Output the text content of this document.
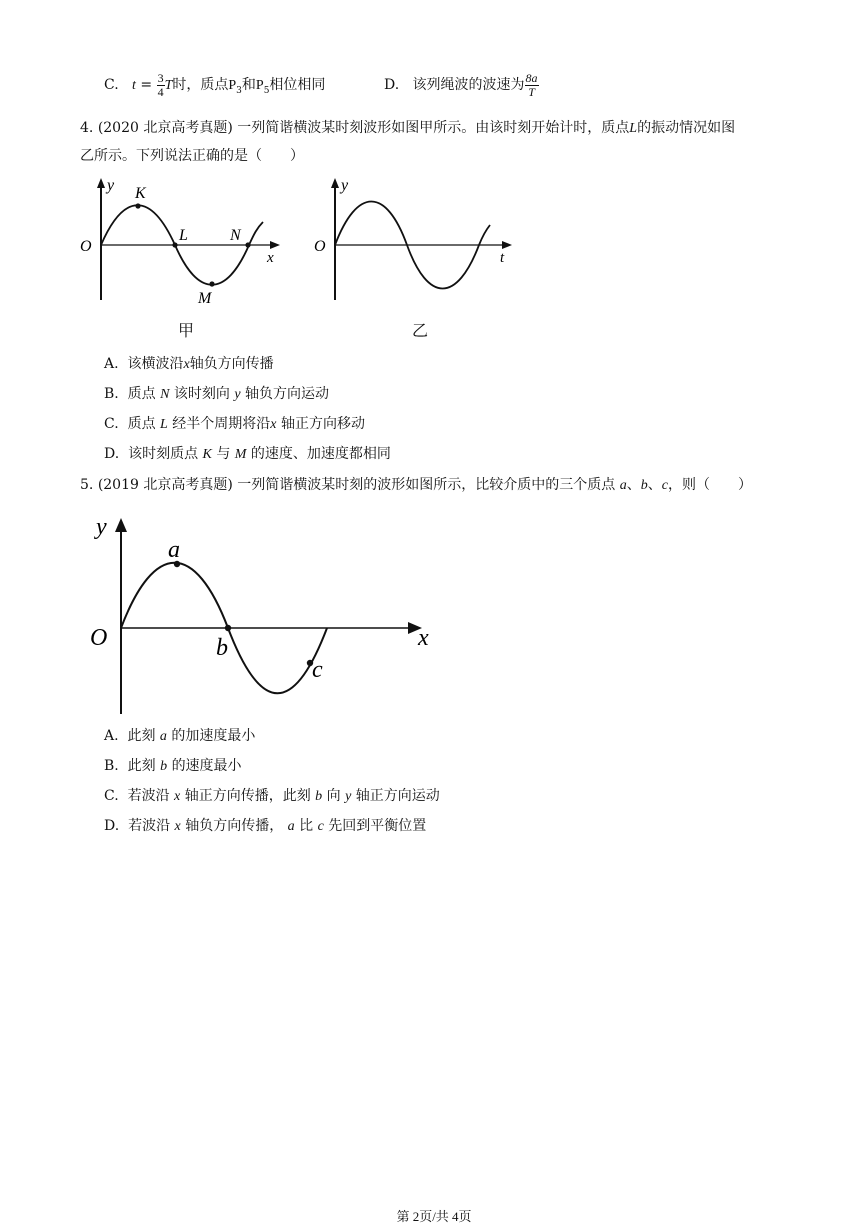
C. $t = \frac{3}{4}$ T时，质点$P_3$和$P_5$相位相同	D. 该列绳波的波速为 $\frac{8a}{T}$
4. (2020 北京高考真题) 一列简谐横波某时刻波形如图甲所示。由该时刻开始计时，质点L的振动情况如图
乙所示。下列说法正确的是（　　）
y
O
x
K
L	N
M
甲
y
O
t
乙
A. 该横波沿x轴负方向传播
B. 质点 N 该时刻向 y 轴负方向运动
C. 质点 L 经半个周期将沿x 轴正方向移动
D. 该时刻质点 K 与 M 的速度、加速度都相同
5. (2019 北京高考真题) 一列简谐横波某时刻的波形如图所示，比较介质中的三个质点 a、b、c，则（　　）
y
O	x
a
b
c
A. 此刻 a 的加速度最小
B. 此刻 b 的速度最小
C. 若波沿 x 轴正方向传播，此刻 b 向 y 轴正方向运动
D. 若波沿 x 轴负方向传播， a 比 c 先回到平衡位置
第 2页/共 4页
